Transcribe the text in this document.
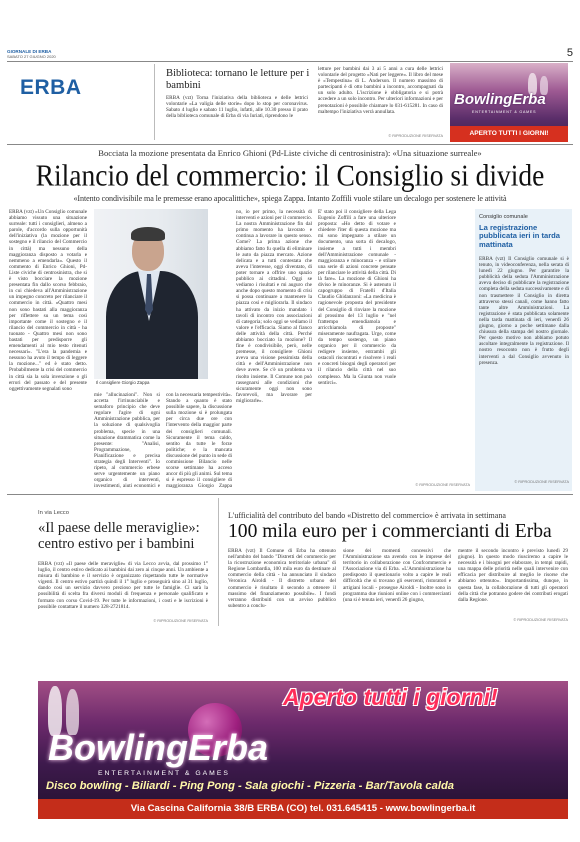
GIORNALE DI ERBA
SABATO 27 GIUGNO 2020	5
ERBA
Biblioteca: tornano le letture per i bambini
ERBA (vzt) Torna l'iniziativa della biblioteca e delle lettrici volontarie «La valigia delle storie» dopo lo stop per coronavirus. Sabato 4 luglio e sabato 11 luglio, infatti, alle 10.30 presso il prato della biblioteca comunale di Erba di via Iuriati, riprendono le
letture per bambini dai 3 ai 5 anni a cura delle lettrici volontarie del progetto «Nati per leggere». Il libro del mese è «Tempestina» di L. Anderson. Il numero massimo di partecipanti è di otto bambini a incontro, accompagnati da un solo adulto. L'iscrizione è obbligatoria e si potrà accedere a un solo incontro. Per ulteriori informazioni e per prenotazioni è possibile chiamare lo 031-615281. In caso di maltempo l'iniziativa verrà annullata.
© RIPRODUZIONE RISERVATA
BowlingErba
ENTERTAINMENT & GAMES
APERTO TUTTI I GIORNI!
Bocciata la mozione presentata da Enrico Ghioni (Pd-Liste civiche di centrosinistra): «Una situazione surreale»
Rilancio del commercio: il Consiglio si divide
«Intento condivisibile ma le premesse erano apocalittiche», spiega Zappa. Intanto Zoffili vuole stilare un decalogo per sostenere le attività
ERBA (vzt) «Un Consiglio comunale abbiamo vissuto una situazione surreale: tutti i consiglieri, almeno a parole, d'accordo sulla opportunità dell'iniziativa (la mozione per il sostegno e il rilancio del Commercio in città) ma nessuno della maggioranza disposto a votarla e nemmeno a emendarla». Questo il commento di Enrico Ghioni, Pd-Liste civiche di centrosinistra, che si è visto bocciare la mozione presentata fin dallo scorso febbraio, in cui chiedeva all'Amministrazione un impegno concreto per rilanciare il commercio in città. «Quattro mesi non sono bastati alla maggioranza per riflettere su un tema così importante come il sostegno e il rilancio del commercio in città - ha tuonato - Quattro mesi non sono bastati per predisporre gli emendamenti al mio testo ritenuti necessari». "L'era la pandemia e nessuno ha avuto il tempo di leggere la mozione..." ed è stato detto. Probabilmente la crisi del commercio in città sia la sola invenzione o gli errori del passato e del presente oggettivamente segnalati sono
Il consigliere Giorgio Zappa
mie "allucinazioni". Non si accetta l'irrinunciabile e semaforo principio che deve regolare l'agire di ogni Amministrazione pubblica, per la soluzione di qualsivoglia problema, specie in una situazione drammatica come la presente: "Analisi, Programmazione, Pianificazione e precisa strategia degli Interventi". Io ripeto, al commercio erbese serve urgentemente un piano organico di interventi, investimenti, aiuti economici e
con la necessaria tempestività». Stando a quanto è stato possibile sapere, la discussione sulla mozione si è prolungata per circa due ore con l'intervento della maggior parte dei consiglieri comunali. Sicuramente il tema caldo, sentito da tutte le forze politiche; e la mancata discussione del punto in sede di commissione Bilancio nelle scorse settimane ha acceso ancor di più gli animi. Sul tema si è espresso il consigliere di maggioranza Giorgio Zappa
no, io per primo, la necessità di interventi e azioni per il commercio. La nostra Amministrazione fin dal primo momento ha lavorato e continua a lavorare in questo senso. Come? La prima azione che abbiamo fatto fu quella di eliminare le auto da piazza mercato. Azione delicata e a tutti contestata che aveva l'interesse, oggi diventato, di poter tornare a offrire uno spazio pubblico ai cittadini. Oggi se vediamo i risultati e mi auguro che anche dopo questo momento di crisi si possa continuare a mantenere la piazza così e migliorarla. Il sindaco ha attivato da inizio mandato i tavoli di incontro con associazioni di categoria; solo oggi se vediamo il valore e l'efficacia. Siamo al fianco delle attività della città. Perché abbiamo bocciato la mozione? Il fine è condivisibile, però, nelle premesse, il consigliere Ghioni aveva una visione pessimista della città e dell'Amministrazione non deve avere. Se c'è un problema va risolto insieme. Il Comune non può rassegnarsi alle condizioni che sicuramente oggi non sono favorevoli, ma lavorare per migliorarle».
E' stato poi il consigliere della Lega Eugenio Zoffili a fare una ulteriore proposta: «Ho detto di votare e chiedere l'iter di questa mozione ma mi sono impegnato a stilare un documento, una sorta di decalogo, insieme a tutti i membri dell'Amministrazione comunale - maggioranza e minoranza - e stilare una serie di azioni concrete pensate per rilanciare le attività della città. Di là fare». La mozione di Ghioni ha diviso le minoranze. Si è astenuto il capogruppo di Fratelli d'Italia Claudio Ghidanzoni: «La medicina è ragionevole proposta del presidente del Consiglio di rinviare la mozione al prossimo del 13 luglio e "nel frattempo emendiamola e arricchiamola di proposte" miseramente naufragata. Urge, come da tempo sostengo, un piano organico per il commercio da redigere insieme, entrambi gli ostacoli riscontrati e risolvere i reali e concreti bisogni degli operatori per il rilancio della città nel suo complesso. Ma la Giunta non vuole sentirci».
© RIPRODUZIONE RISERVATA
Consiglio comunale
La registrazione pubblicata ieri in tarda mattinata
ERBA (vzt) Il Consiglio comunale si è tenuto, in videoconferenza, nella serata di lunedì 22 giugno. Per garantire la pubblicità della seduta l'Amministrazione aveva deciso di pubblicare la registrazione completa della seduta successivamente e di non trasmettere il Consiglio in diretta attraverso stessi canali, come hanno fatto tante altre Amministrazioni. La registrazione è stata pubblicata solamente nella tarda mattinata di ieri, venerdì 26 giugno, giorno a poche settimane dalla chiusura della stampa del nostro giornale. Per questo motivo non abbiamo potuto ascoltare integralmente la registrazione. Il nostro resoconto non è frutto degli interventi a dal Consiglio avvenuto in presenza.
© RIPRODUZIONE RISERVATA
In via Lecco
«Il paese delle meraviglie»: centro estivo per i bambini
ERBA (vzt) «Il paese delle meraviglie» di via Lecco avvia, dal prossimo 1° luglio, il centro estivo dedicato ai bambini dai zero ai cinque anni. Un ambiente a misura di bambino e il servizio è organizzato rispettando tutte le normative vigenti. Il centro estivo partirà quindi il 1° luglio e proseguirà sino al 31 luglio, dando così un servizio davvero prezioso per tutte le famiglie. Ci sarà la possibilità di scelta fra diversi moduli di frequenza e personale qualificato e formato con corso Covid-19. Per tutte le informazioni, i costi e le iscrizioni è possibile contattare il numero 328-2721814.
© RIPRODUZIONE RISERVATA
L'ufficialità del contributo del bando «Distretto del commercio» è arrivata in settimana
100 mila euro per i commercianti di Erba
ERBA (vzt) Il Comune di Erba ha ottenuto nell'ambito del bando "Distretti del commercio per la ricostruzione economica territoriale urbana" di Regione Lombardia, 100 mila euro da destinare al commercio della città - ha annunciato il sindaco Veronica Airoldi - Il distretto urbano del commercio è risultato il secondo a ottenere il massimo del finanziamento possibile». I fondi verranno distribuiti con un avviso pubblico subentro a conclu-
sione dei momenti concessivi che l'Amministrazione sta avendo con le imprese del territorio in collaborazione con Confcommercio e l'Associazione via di Erba. «L'Amministrazione ha predisposto il questionario volto a capire le reali difficoltà che si trovano gli esercenti, ristoratori e artigiani locali - prosegue Airoldi - Inoltre sono in programma due riunioni online con i commercianti (una si è tenuta ieri, venerdì 26 giugno,
mentre il secondo incontro è previsto lunedì 29 giugno). In questo modo riusciremo a capire le necessità e i bisogni per elaborare, in tempi rapidi, una mappa delle priorità nelle quali intervenire con efficacia per distribuire al meglio le risorse che abbiamo ottenuto». Importantissima, dunque, in questa fase, la collaborazione di tutti gli operatori della città che potranno godere dei contributi erogati dalla Regione.
© RIPRODUZIONE RISERVATA
Aperto tutti i giorni!
BowlingErba
ENTERTAINMENT & GAMES
Disco bowling - Biliardi - Ping Pong - Sala giochi - Pizzeria - Bar/Tavola calda
Via Cascina California 38/B ERBA (CO) tel. 031.645415 - www.bowlingerba.it
